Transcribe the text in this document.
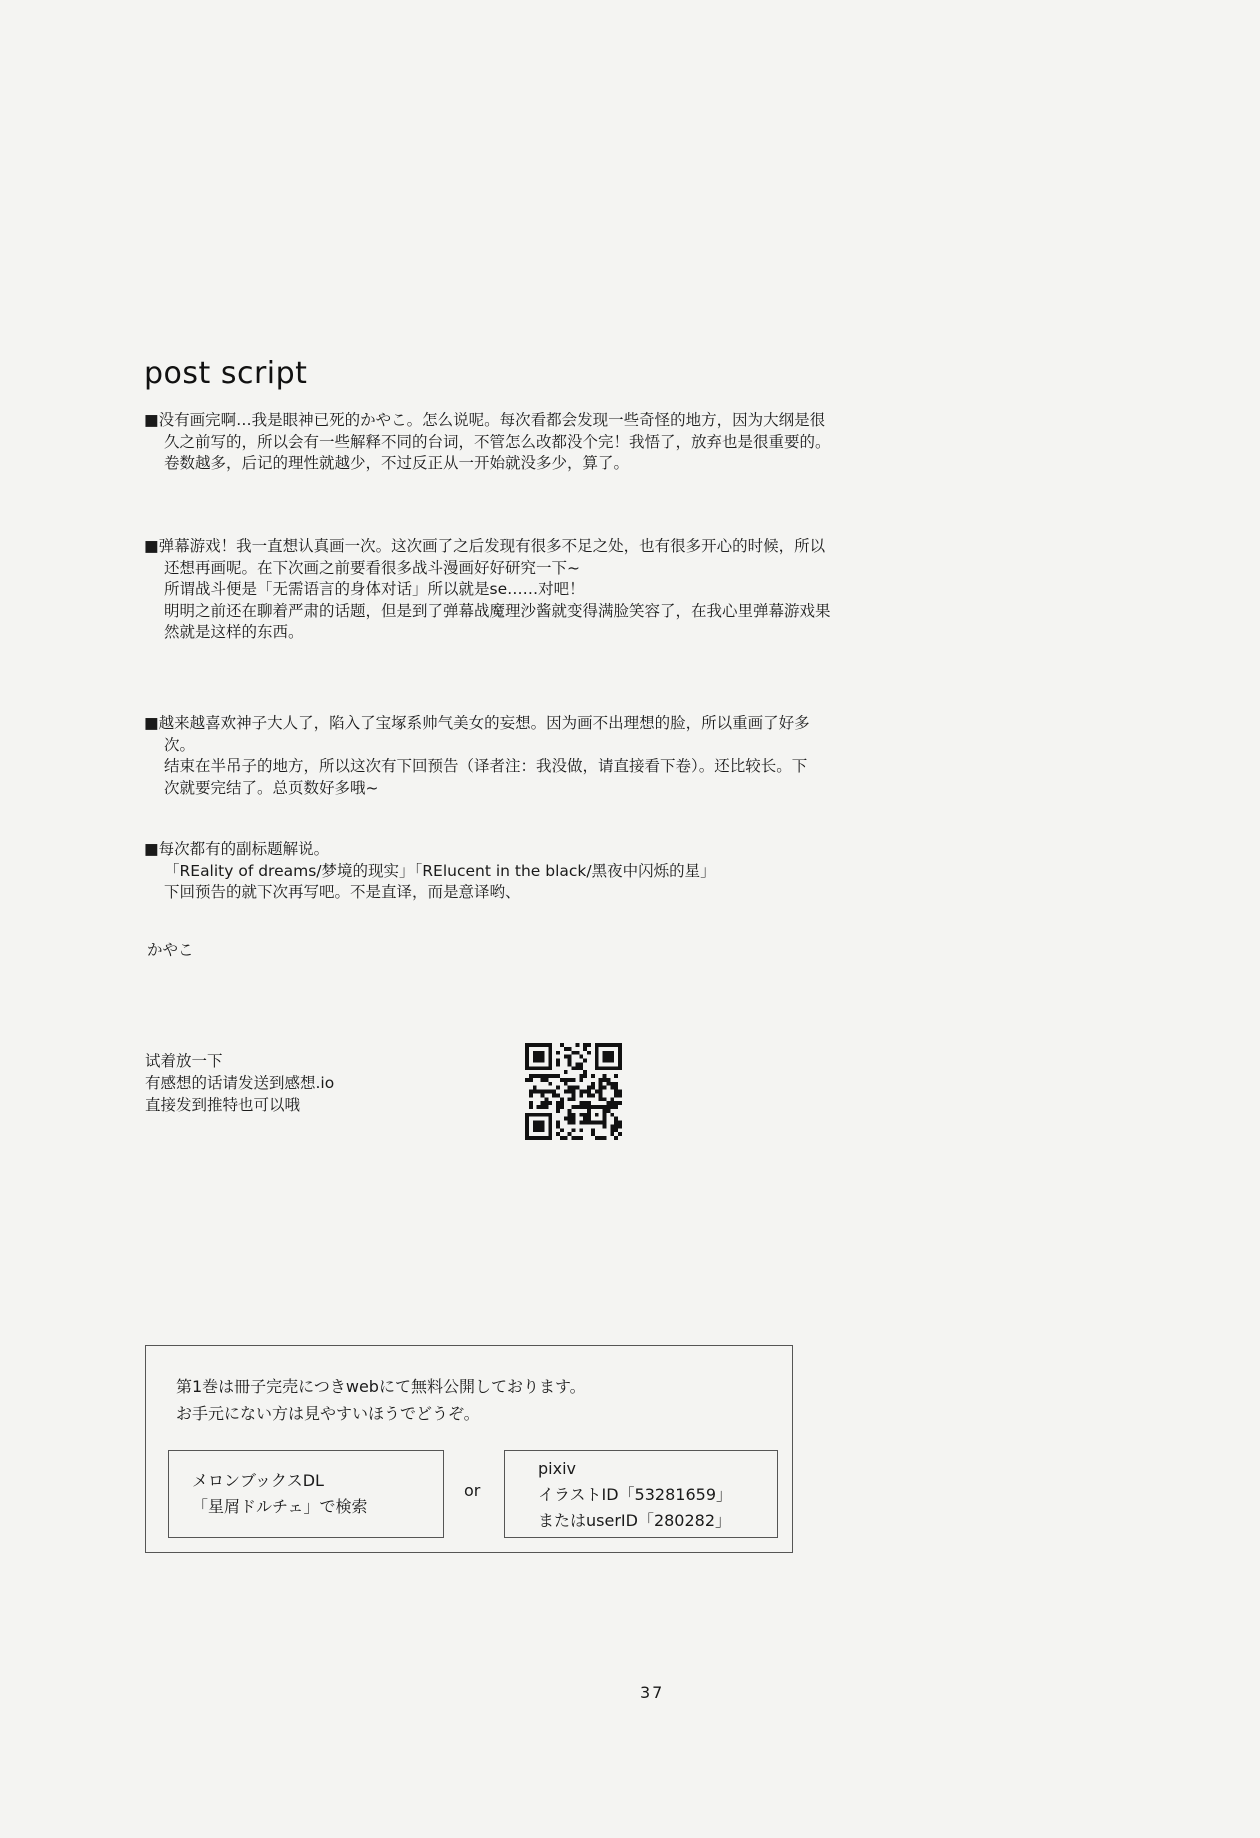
post script
■没有画完啊…我是眼神已死的かやこ。怎么说呢。每次看都会发现一些奇怪的地方，因为大纲是很
久之前写的，所以会有一些解释不同的台词，不管怎么改都没个完！我悟了，放弃也是很重要的。
卷数越多，后记的理性就越少，不过反正从一开始就没多少，算了。
■弹幕游戏！我一直想认真画一次。这次画了之后发现有很多不足之处，也有很多开心的时候，所以
还想再画呢。在下次画之前要看很多战斗漫画好好研究一下~
所谓战斗便是「无需语言的身体对话」所以就是se……对吧！
明明之前还在聊着严肃的话题，但是到了弹幕战魔理沙酱就变得满脸笑容了，在我心里弹幕游戏果
然就是这样的东西。
■越来越喜欢神子大人了，陷入了宝塚系帅气美女的妄想。因为画不出理想的脸，所以重画了好多
次。
结束在半吊子的地方，所以这次有下回预告（译者注：我没做，请直接看下卷）。还比较长。下
次就要完结了。总页数好多哦~
■每次都有的副标题解说。
「REality of dreams/梦境的现实」「RElucent in the black/黑夜中闪烁的星」
下回预告的就下次再写吧。不是直译，而是意译哟、
かやこ
试着放一下
有感想的话请发送到感想.io
直接发到推特也可以哦
第1巻は冊子完売につきwebにて無料公開しております。
お手元にない方は見やすいほうでどうぞ。
メロンブックスDL
「星屑ドルチェ」で検索
or
pixiv
イラストID「53281659」
またはuserID「280282」
37
